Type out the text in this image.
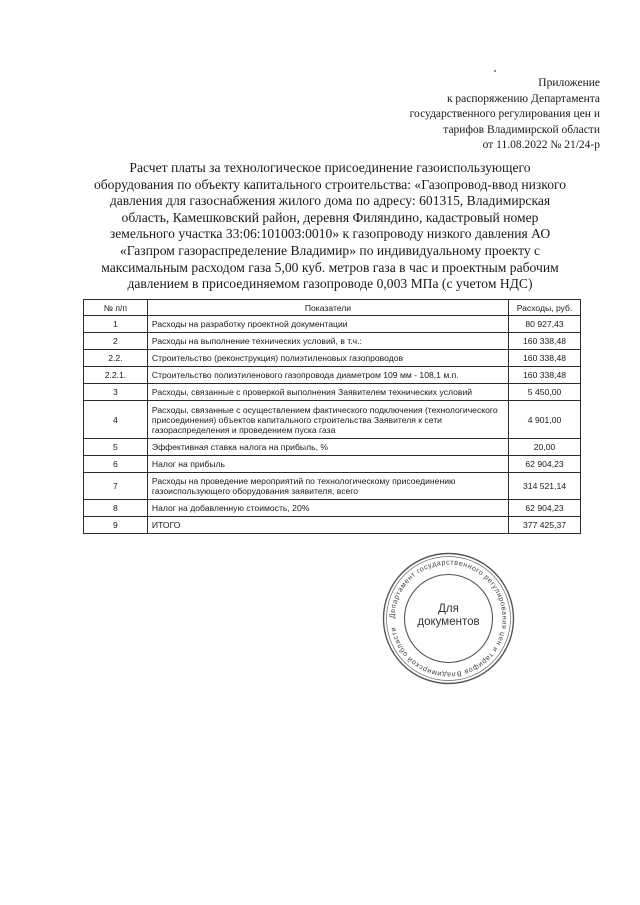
Приложение
к распоряжению Департамента
государственного регулирования цен и
тарифов Владимирской области
от 11.08.2022 № 21/24-р
Расчет платы за технологическое присоединение газоиспользующего
оборудования по объекту капитального строительства: «Газопровод-ввод низкого
давления для газоснабжения жилого дома по адресу: 601315, Владимирская
область, Камешковский район, деревня Филяндино, кадастровый номер
земельного участка 33:06:101003:0010» к газопроводу низкого давления АО
«Газпром газораспределение Владимир» по индивидуальному проекту с
максимальным расходом газа 5,00 куб. метров газа в час и проектным рабочим
давлением в присоединяемом газопроводе 0,003 МПа (с учетом НДС)
№ п/п	Показатели	Расходы, руб.
1	Расходы на разработку проектной документации	80 927,43
2	Расходы на выполнение технических условий, в т.ч.:	160 338,48
2.2.	Строительство (реконструкция) полиэтиленовых газопроводов	160 338,48
2.2.1.	Строительство полиэтиленового газопровода диаметром 109 мм - 108,1 м.п.	160 338,48
3	Расходы, связанные с проверкой выполнения Заявителем технических условий	5 450,00
4	Расходы, связанные с осуществлением фактического подключения (технологического присоединения) объектов капитального строительства Заявителя к сети газораспределения и проведением пуска газа	4 901,00
5	Эффективная ставка налога на прибыль, %	20,00
6	Налог на прибыль	62 904,23
7	Расходы на проведение мероприятий по технологическому присоединению газоиспользующего оборудования заявителя, всего	314 521,14
8	Налог на добавленную стоимость, 20%	62 904,23
9	ИТОГО	377 425,37
Департамент государственного регулирования цен и тарифов Владимирской области
Для
документов
